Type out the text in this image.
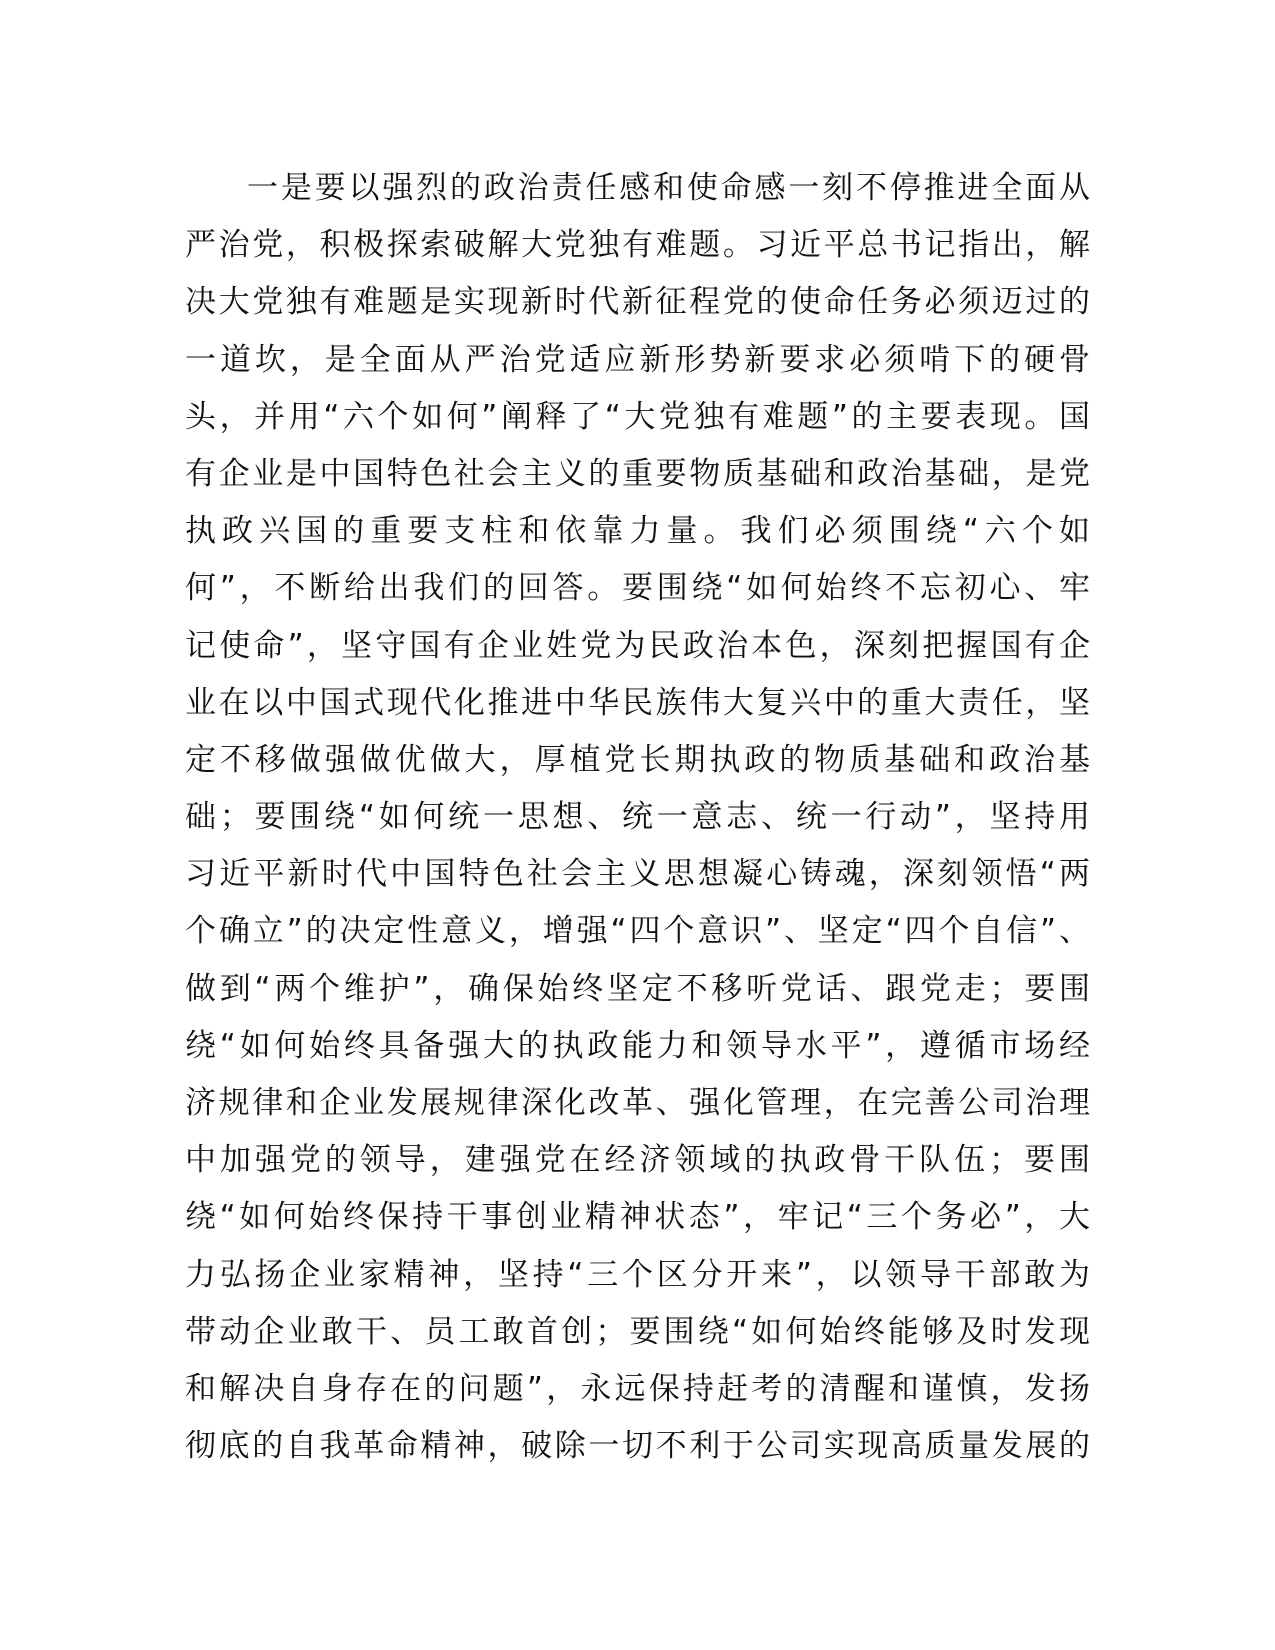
一是要以强烈的政治责任感和使命感一刻不停推进全面从
严治党，积极探索破解大党独有难题。习近平总书记指出，解
决大党独有难题是实现新时代新征程党的使命任务必须迈过的
一道坎，是全面从严治党适应新形势新要求必须啃下的硬骨
头，并用“六个如何”阐释了“大党独有难题”的主要表现。国
有企业是中国特色社会主义的重要物质基础和政治基础，是党
执政兴国的重要支柱和依靠力量。我们必须围绕“六个如
何”，不断给出我们的回答。要围绕“如何始终不忘初心、牢
记使命”，坚守国有企业姓党为民政治本色，深刻把握国有企
业在以中国式现代化推进中华民族伟大复兴中的重大责任，坚
定不移做强做优做大，厚植党长期执政的物质基础和政治基
础；要围绕“如何统一思想、统一意志、统一行动”，坚持用
习近平新时代中国特色社会主义思想凝心铸魂，深刻领悟“两
个确立”的决定性意义，增强“四个意识”、坚定“四个自信”、
做到“两个维护”，确保始终坚定不移听党话、跟党走；要围
绕“如何始终具备强大的执政能力和领导水平”，遵循市场经
济规律和企业发展规律深化改革、强化管理，在完善公司治理
中加强党的领导，建强党在经济领域的执政骨干队伍；要围
绕“如何始终保持干事创业精神状态”，牢记“三个务必”，大
力弘扬企业家精神，坚持“三个区分开来”，以领导干部敢为
带动企业敢干、员工敢首创；要围绕“如何始终能够及时发现
和解决自身存在的问题”，永远保持赶考的清醒和谨慎，发扬
彻底的自我革命精神，破除一切不利于公司实现高质量发展的
